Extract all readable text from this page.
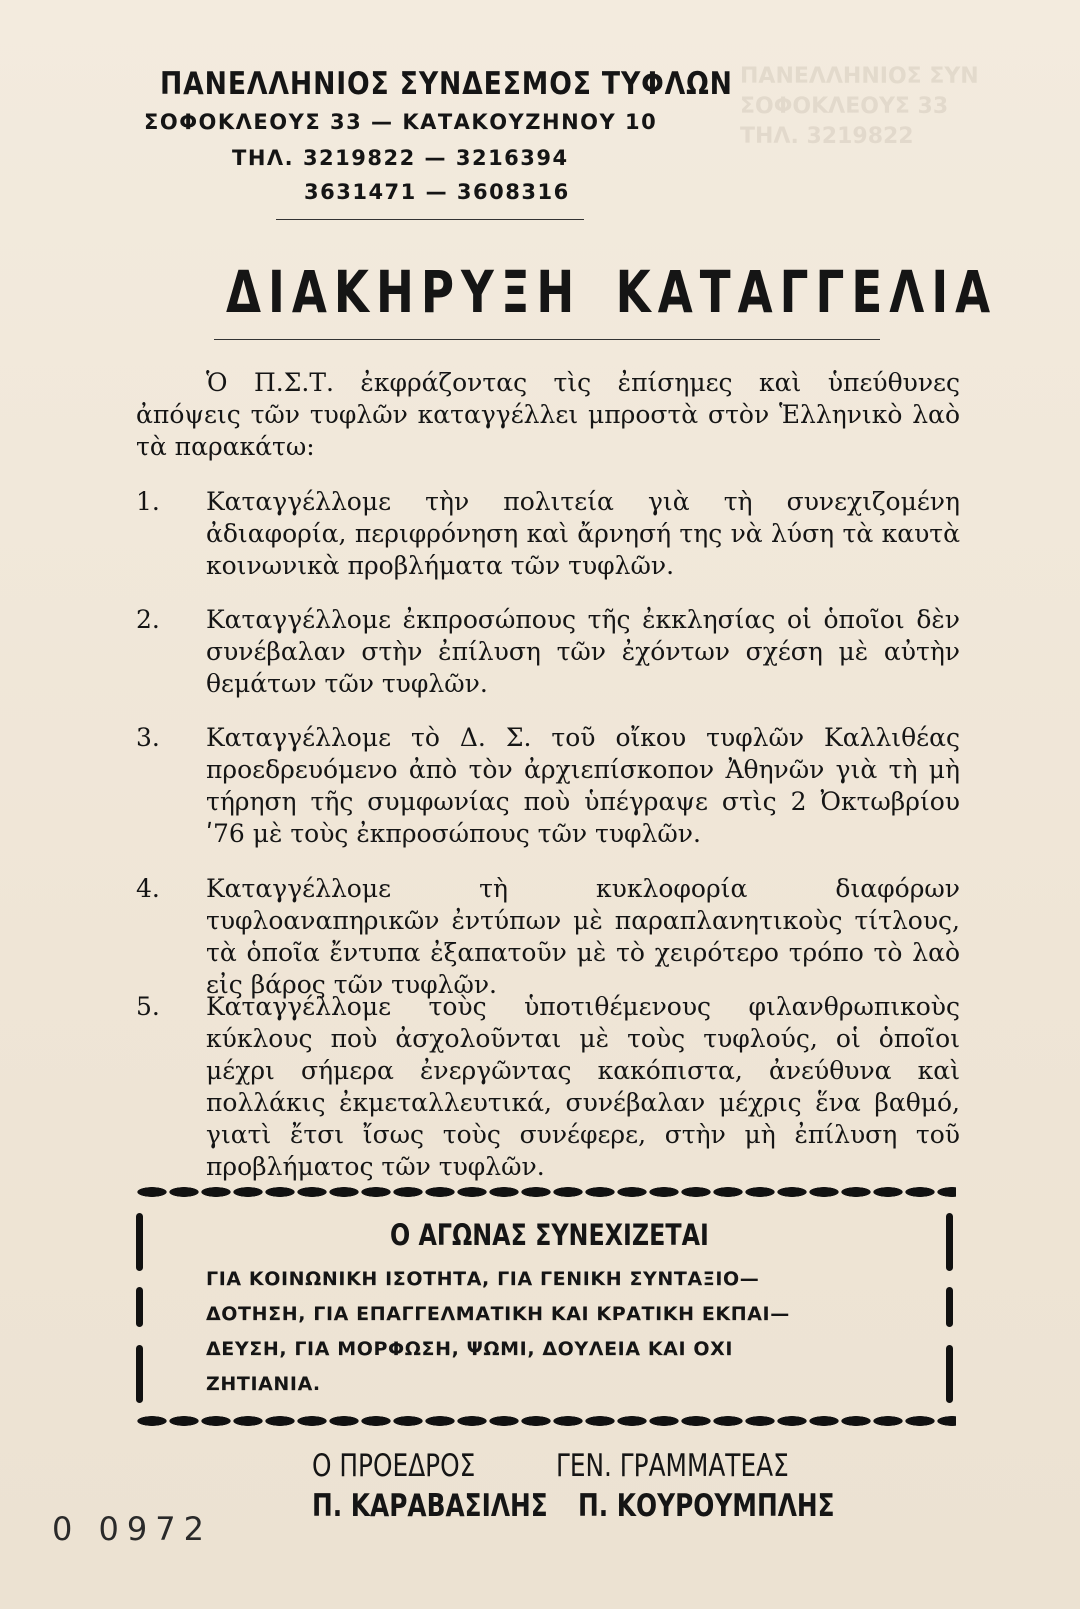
ΠΑΝΕΛΛΗΝΙΟΣ ΣΥΝ
ΣΟΦΟΚΛΕΟΥΣ 33
ΤΗΛ. 3219822
ΠΑΝΕΛΛΗΝΙΟΣ ΣΥΝΔΕΣΜΟΣ ΤΥΦΛΩΝ
ΣΟΦΟΚΛΕΟΥΣ 33 — ΚΑΤΑΚΟΥΖΗΝΟΥ 10
ΤΗΛ. 3219822 — 3216394
3631471 — 3608316
ΔΙΑΚΗΡΥΞΗ ΚΑΤΑΓΓΕΛΙΑ
Ὁ Π.Σ.Τ. ἐκφράζοντας τὶς ἐπίσημες καὶ ὑπεύθυνες ἀπόψεις τῶν τυφλῶν καταγγέλλει μπροστὰ στὸν Ἑλληνικὸ λαὸ τὰ παρακάτω:
1.	Καταγγέλλομε τὴν πολιτεία γιὰ τὴ συνεχιζομένη ἀδιαφορία, περιφρόνηση καὶ ἄρνησή της νὰ λύση τὰ καυτὰ κοινωνικὰ προβλήματα τῶν τυφλῶν.
2.	Καταγγέλλομε ἐκπροσώπους τῆς ἐκκλησίας οἱ ὁποῖοι δὲν συνέβαλαν στὴν ἐπίλυση τῶν ἐχόντων σχέση μὲ αὐτὴν θεμάτων τῶν τυφλῶν.
3.	Καταγγέλλομε τὸ Δ. Σ. τοῦ οἴκου τυφλῶν Καλλιθέας προεδρευόμενο ἀπὸ τὸν ἀρχιεπίσκοπον Ἀθηνῶν γιὰ τὴ μὴ τήρηση τῆς συμφωνίας ποὺ ὑπέγραψε στὶς 2 Ὀκτωβρίου ʹ76 μὲ τοὺς ἐκπροσώπους τῶν τυφλῶν.
4.	Καταγγέλλομε τὴ κυκλοφορία διαφόρων τυφλοαναπηρικῶν ἐντύπων μὲ παραπλανητικοὺς τίτλους, τὰ ὁποῖα ἔντυπα ἐξαπατοῦν μὲ τὸ χειρότερο τρόπο τὸ λαὸ εἰς βάρος τῶν τυφλῶν.
5.	Καταγγέλλομε τοὺς ὑποτιθέμενους φιλανθρωπικοὺς κύκλους ποὺ ἀσχολοῦνται μὲ τοὺς τυφλούς, οἱ ὁποῖοι μέχρι σήμερα ἐνεργῶντας κακόπιστα, ἀνεύθυνα καὶ πολλάκις ἐκμεταλλευτικά, συνέβαλαν μέχρις ἕνα βαθμό, γιατὶ ἔτσι ἴσως τοὺς συνέφερε, στὴν μὴ ἐπίλυση τοῦ προβλήματος τῶν τυφλῶν.
Ο ΑΓΩΝΑΣ ΣΥΝΕΧΙΖΕΤΑΙ
ΓΙΑ ΚΟΙΝΩΝΙΚΗ ΙΣΟΤΗΤΑ, ΓΙΑ ΓΕΝΙΚΗ ΣΥΝΤΑΞΙΟ—
ΔΟΤΗΣΗ, ΓΙΑ ΕΠΑΓΓΕΛΜΑΤΙΚΗ ΚΑΙ ΚΡΑΤΙΚΗ ΕΚΠΑΙ—
ΔΕΥΣΗ, ΓΙΑ ΜΟΡΦΩΣΗ, ΨΩΜΙ, ΔΟΥΛΕΙΑ ΚΑΙ ΟΧΙ
ΖΗΤΙΑΝΙΑ.
Ο ΠΡΟΕΔΡΟΣ	ΓΕΝ. ΓΡΑΜΜΑΤΕΑΣ
Π. ΚΑΡΑΒΑΣΙΛΗΣ Π. ΚΟΥΡΟΥΜΠΛΗΣ
0 0972
